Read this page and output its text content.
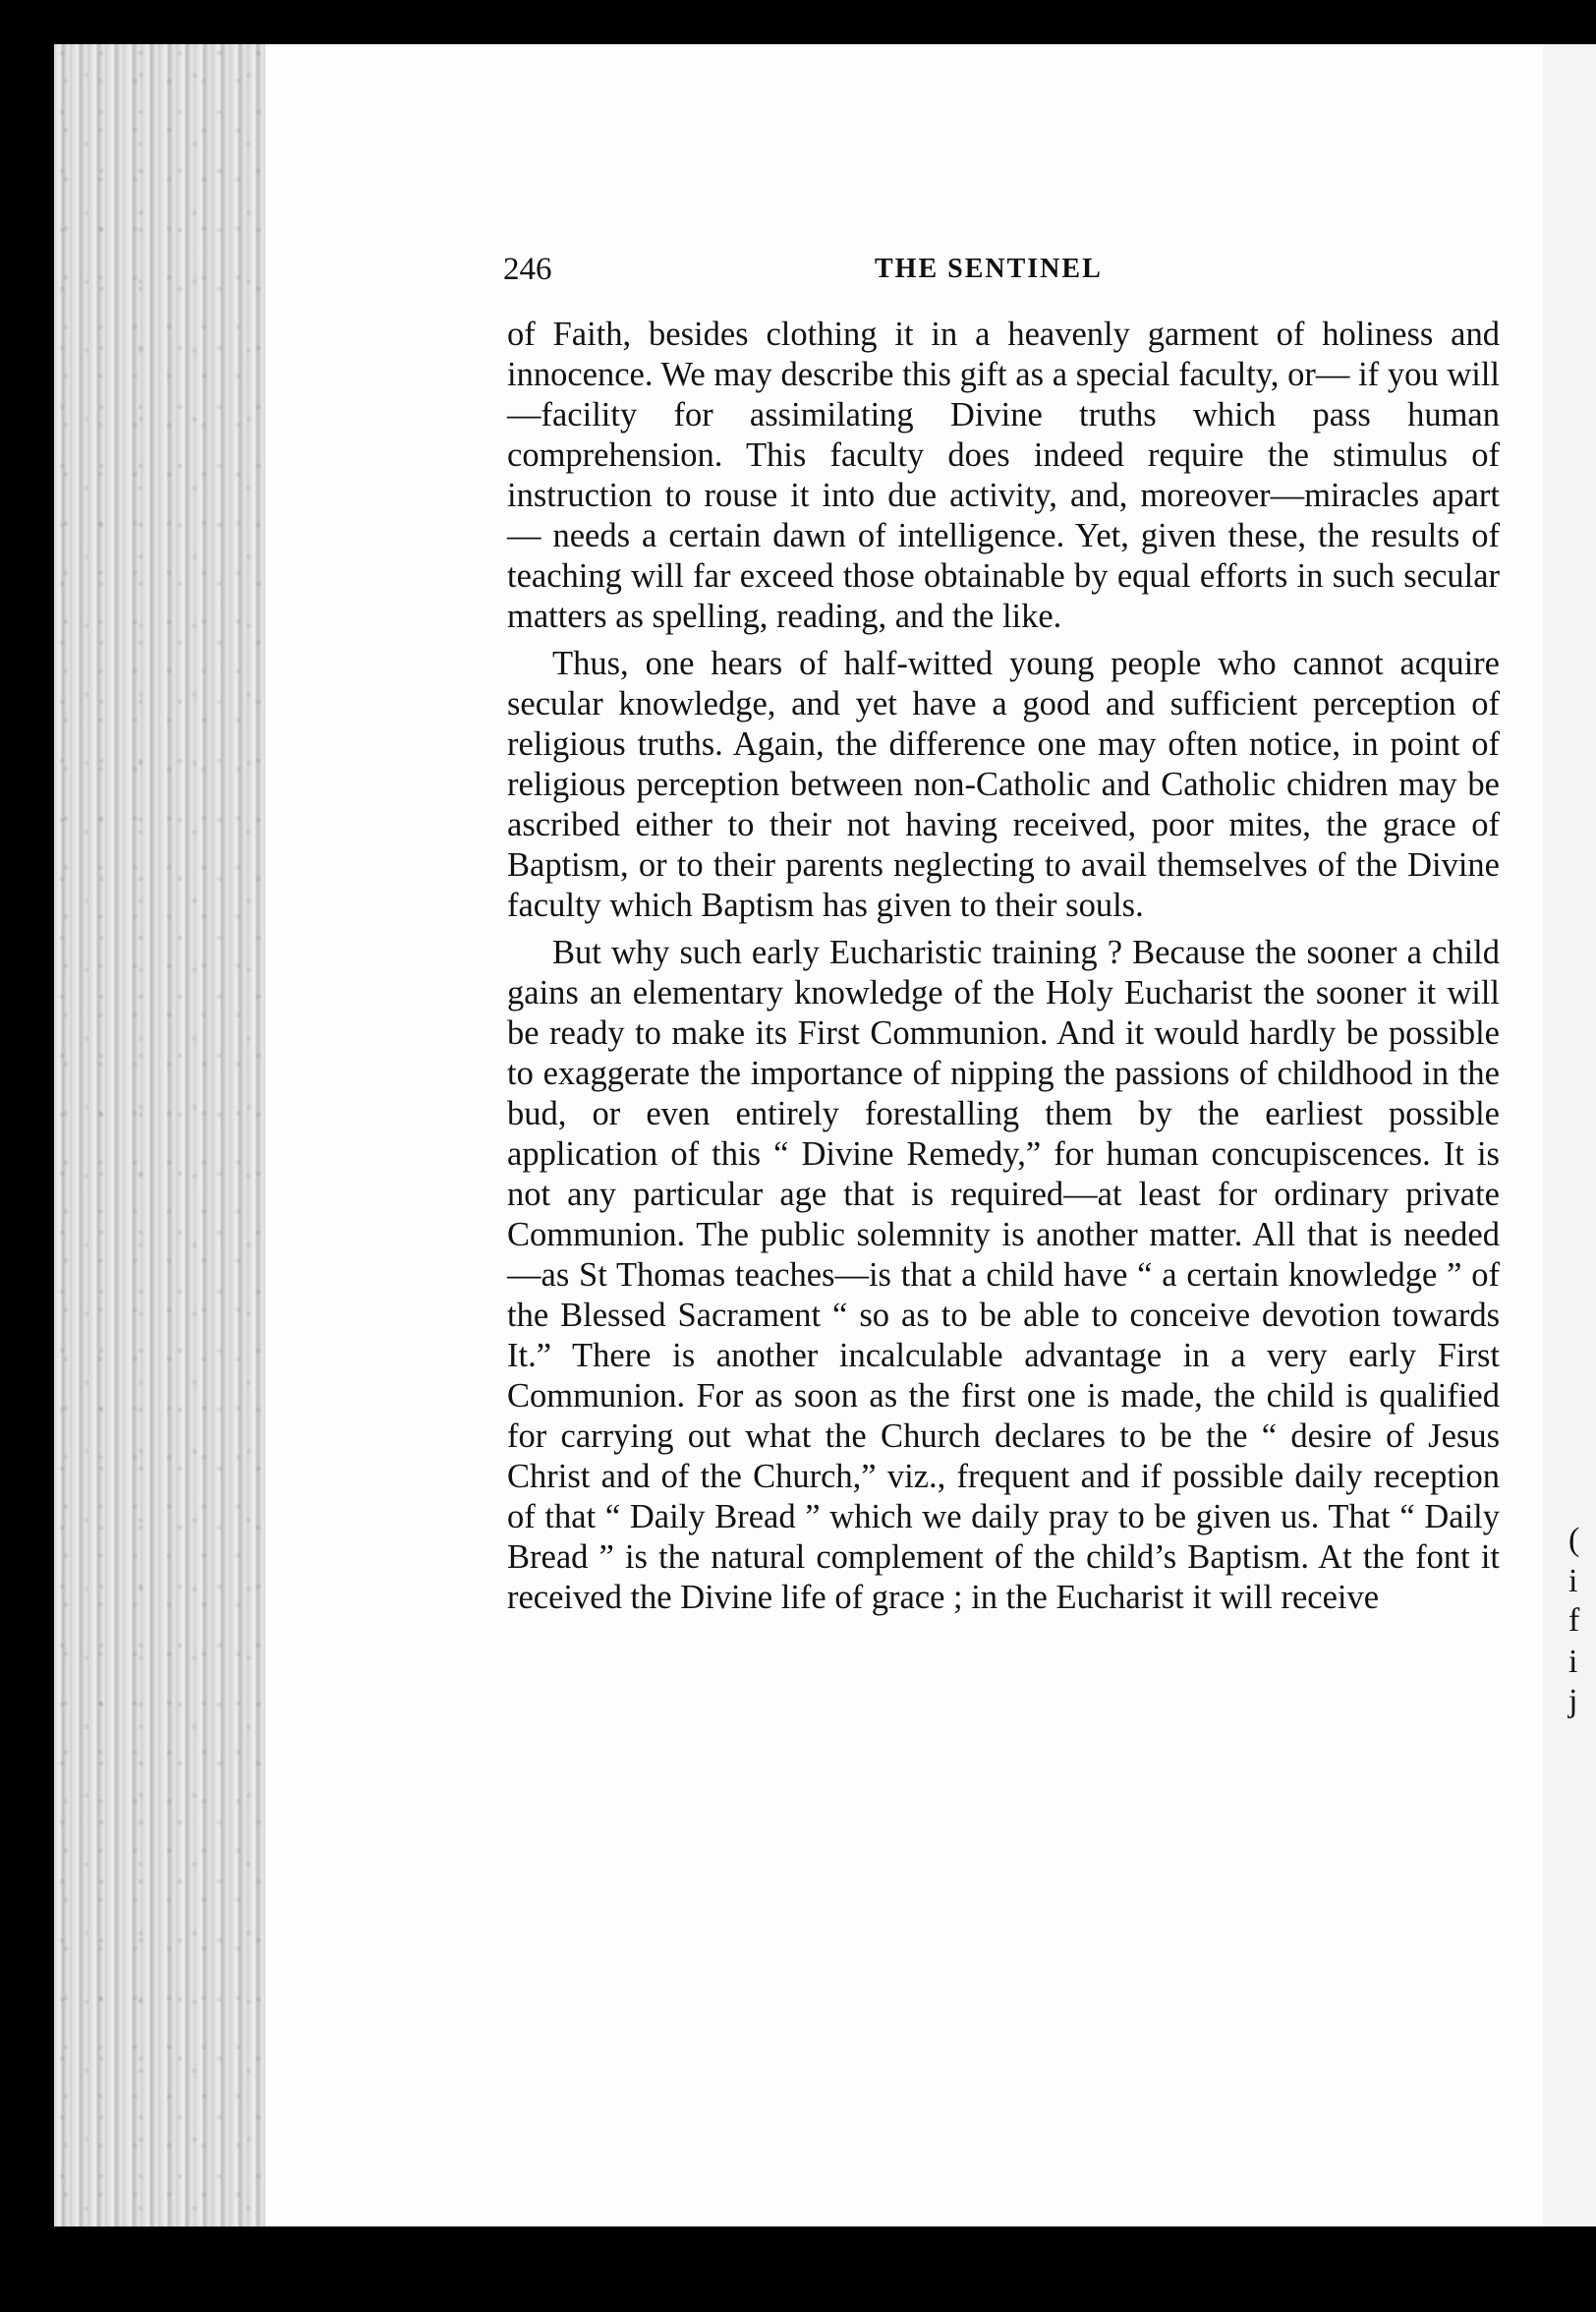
(
i
f
i
j
246	THE SENTINEL

of Faith, besides clothing it in a heavenly garment of holiness and innocence. We may describe this gift as a special faculty, or— if you will—facility for assimilating Divine truths which pass human comprehension. This faculty does indeed require the stimulus of instruction to rouse it into due activity, and, moreover—miracles apart — needs a certain dawn of intelligence. Yet, given these, the results of teaching will far exceed those obtainable by equal efforts in such secular matters as spelling, reading, and the like.

Thus, one hears of half-witted young people who cannot acquire secular knowledge, and yet have a good and sufficient perception of religious truths. Again, the difference one may often notice, in point of religious perception between non-Catholic and Catholic chidren may be ascribed either to their not having received, poor mites, the grace of Baptism, or to their parents neglecting to avail themselves of the Divine faculty which Baptism has given to their souls.

But why such early Eucharistic training ? Because the sooner a child gains an elementary knowledge of the Holy Eucharist the sooner it will be ready to make its First Communion. And it would hardly be possible to exaggerate the importance of nipping the passions of childhood in the bud, or even entirely forestalling them by the earliest possible application of this “ Divine Remedy,” for human concupiscences. It is not any particular age that is required—at least for ordinary private Communion. The public solemnity is another matter. All that is needed—as St Thomas teaches—is that a child have “ a certain knowledge ” of the Blessed Sacrament “ so as to be able to conceive devotion towards It.” There is another incalculable advantage in a very early First Communion. For as soon as the first one is made, the child is qualified for carrying out what the Church declares to be the “ desire of Jesus Christ and of the Church,” viz., frequent and if possible daily reception of that “ Daily Bread ” which we daily pray to be given us. That “ Daily Bread ” is the natural complement of the child’s Baptism. At the font it received the Divine life of grace ; in the Eucharist it will receive
